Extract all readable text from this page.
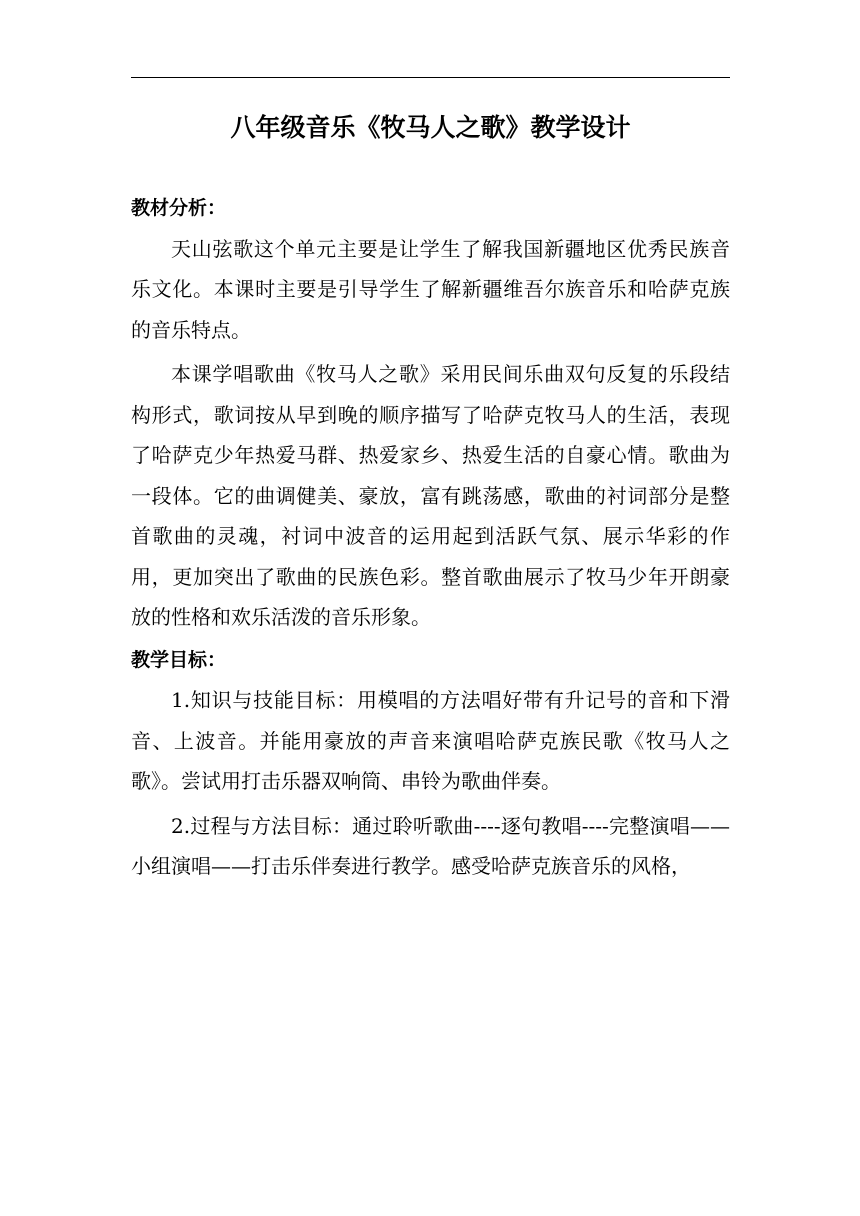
八年级音乐《牧马人之歌》教学设计

教材分析：

天山弦歌这个单元主要是让学生了解我国新疆地区优秀民族音乐文化。本课时主要是引导学生了解新疆维吾尔族音乐和哈萨克族的音乐特点。

本课学唱歌曲《牧马人之歌》采用民间乐曲双句反复的乐段结构形式，歌词按从早到晚的顺序描写了哈萨克牧马人的生活，表现了哈萨克少年热爱马群、热爱家乡、热爱生活的自豪心情。歌曲为一段体。它的曲调健美、豪放，富有跳荡感，歌曲的衬词部分是整首歌曲的灵魂，衬词中波音的运用起到活跃气氛、展示华彩的作用，更加突出了歌曲的民族色彩。整首歌曲展示了牧马少年开朗豪放的性格和欢乐活泼的音乐形象。

教学目标：

1.知识与技能目标：用模唱的方法唱好带有升记号的音和下滑音、上波音。并能用豪放的声音来演唱哈萨克族民歌《牧马人之歌》。尝试用打击乐器双响筒、串铃为歌曲伴奏。

2.过程与方法目标：通过聆听歌曲----逐句教唱----完整演唱——小组演唱——打击乐伴奏进行教学。感受哈萨克族音乐的风格，
